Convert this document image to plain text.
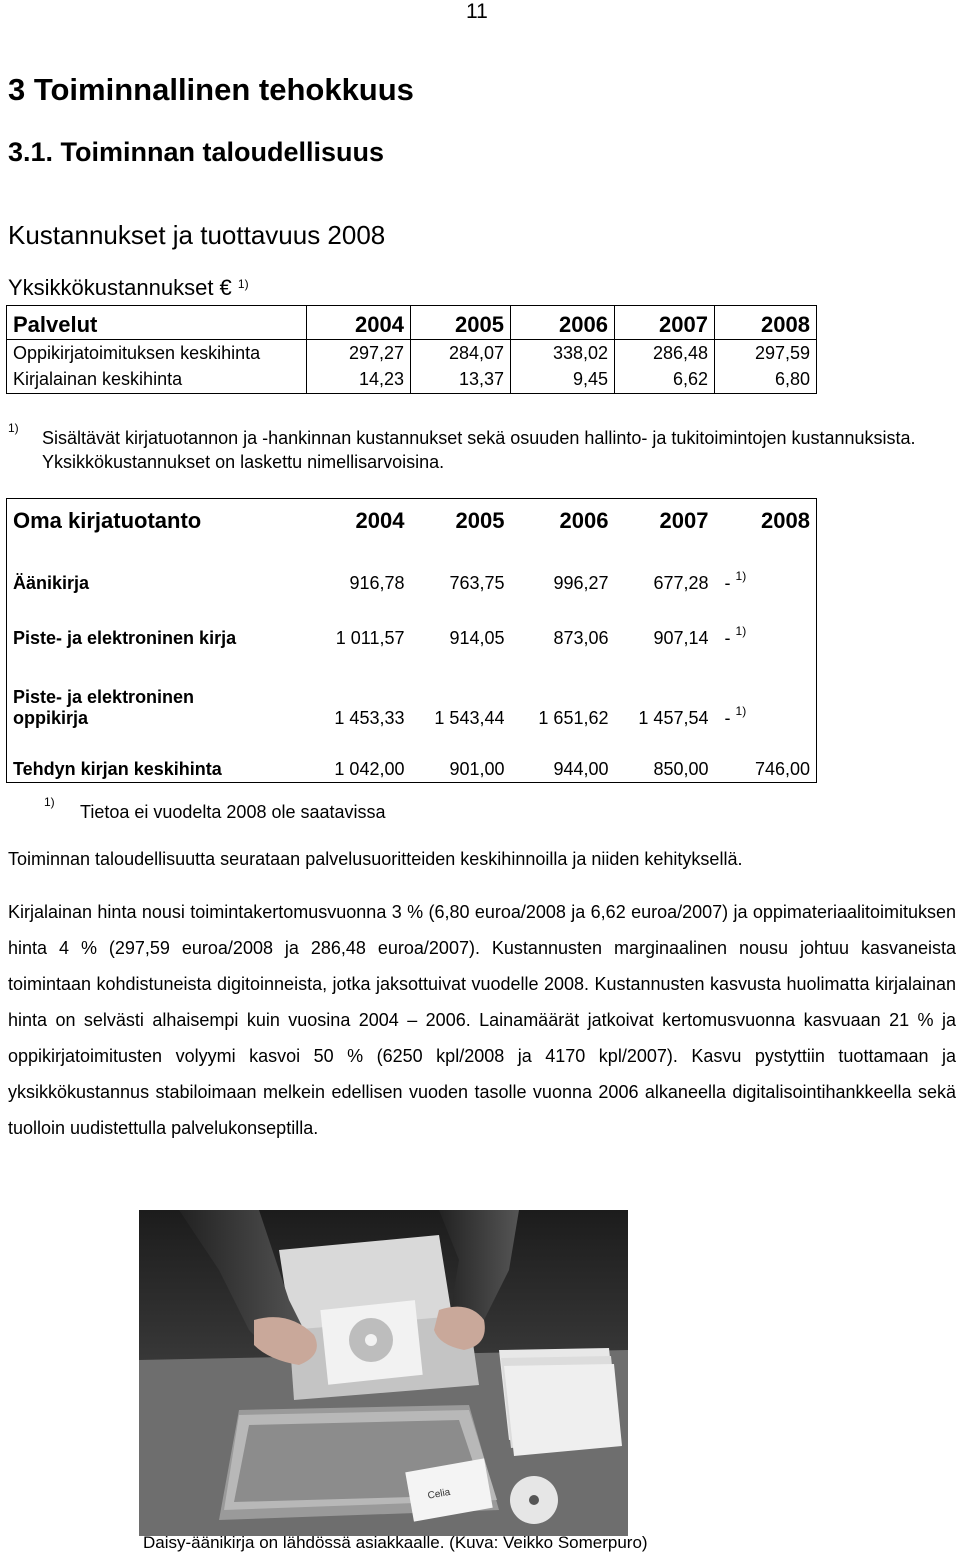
11
3 Toiminnallinen tehokkuus
3.1. Toiminnan taloudellisuus
Kustannukset ja tuottavuus 2008
Yksikkökustannukset € $^{1)}$
Palvelut	2004	2005	2006	2007	2008
Oppikirjatoimituksen keskihinta	297,27	284,07	338,02	286,48	297,59
Kirjalainan keskihinta	14,23	13,37	9,45	6,62	6,80
1) Sisältävät kirjatuotannon ja -hankinnan kustannukset sekä osuuden hallinto- ja tukitoimintojen kustannuksista. Yksikkökustannukset on laskettu nimellisarvoisina.
Oma kirjatuotanto	2004	2005	2006	2007	2008
Äänikirja	916,78	763,75	996,27	677,28	- $^{1)}$
Piste- ja elektroninen kirja	1 011,57	914,05	873,06	907,14	- $^{1)}$
Piste- ja elektroninen
oppikirja	1 453,33	1 543,44	1 651,62	1 457,54	- $^{1)}$
Tehdyn kirjan keskihinta	1 042,00	901,00	944,00	850,00	746,00
1) Tietoa ei vuodelta 2008 ole saatavissa
Toiminnan taloudellisuutta seurataan palvelusuoritteiden keskihinnoilla ja niiden kehityksellä.
Kirjalainan hinta nousi toimintakertomusvuonna 3 % (6,80 euroa/2008 ja 6,62 euroa/2007) ja oppimateriaalitoimituksen hinta 4 % (297,59 euroa/2008 ja 286,48 euroa/2007). Kustannusten marginaalinen nousu johtuu kasvaneista toimintaan kohdistuneista digitoinneista, jotka jaksottuivat vuodelle 2008. Kustannusten kasvusta huolimatta kirjalainan hinta on selvästi alhaisempi kuin vuosina 2004 – 2006. Lainamäärät jatkoivat kertomusvuonna kasvuaan 21 % ja oppikirjatoimitusten volyymi kasvoi 50 % (6250 kpl/2008 ja 4170 kpl/2007). Kasvu pystyttiin tuottamaan ja yksikkökustannus stabiloimaan melkein edellisen vuoden tasolle vuonna 2006 alkaneella digitalisointihankkeella sekä tuolloin uudistettulla palvelukonseptilla.
Celia
Daisy-äänikirja on lähdössä asiakkaalle. (Kuva: Veikko Somerpuro)
